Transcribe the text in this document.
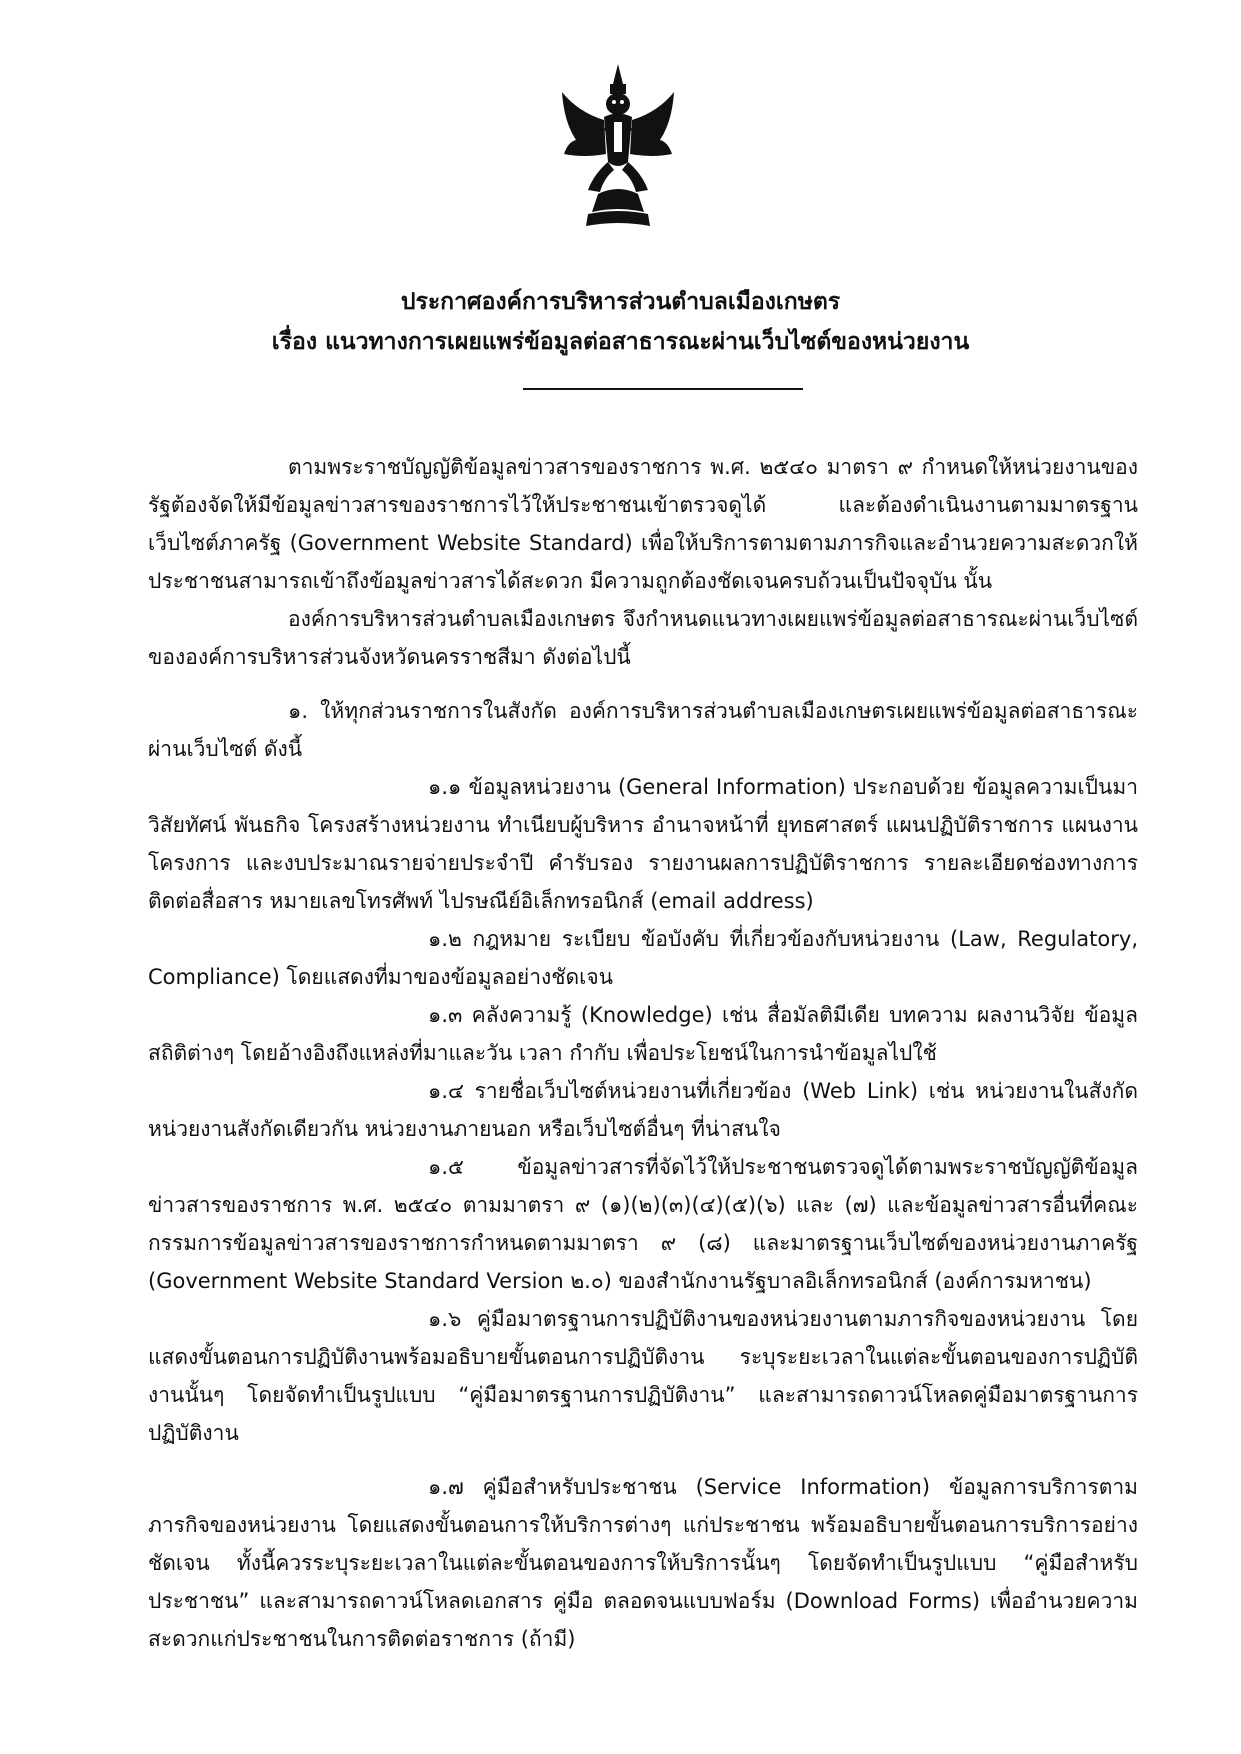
ประกาศองค์การบริหารส่วนตำบลเมืองเกษตร
เรื่อง แนวทางการเผยแพร่ข้อมูลต่อสาธารณะผ่านเว็บไซต์ของหน่วยงาน

ตามพระราชบัญญัติข้อมูลข่าวสารของราชการ พ.ศ. ๒๕๔๐ มาตรา ๙ กำหนดให้หน่วยงานของรัฐต้องจัดให้มีข้อมูลข่าวสารของราชการไว้ให้ประชาชนเข้าตรวจดูได้ และต้องดำเนินงานตามมาตรฐานเว็บไซต์ภาครัฐ (Government Website Standard) เพื่อให้บริการตามตามภารกิจและอำนวยความสะดวกให้ประชาชนสามารถเข้าถึงข้อมูลข่าวสารได้สะดวก มีความถูกต้องชัดเจนครบถ้วนเป็นปัจจุบัน นั้น

องค์การบริหารส่วนตำบลเมืองเกษตร จึงกำหนดแนวทางเผยแพร่ข้อมูลต่อสาธารณะผ่านเว็บไซต์ขององค์การบริหารส่วนจังหวัดนครราชสีมา ดังต่อไปนี้

๑. ให้ทุกส่วนราชการในสังกัด องค์การบริหารส่วนตำบลเมืองเกษตรเผยแพร่ข้อมูลต่อสาธารณะผ่านเว็บไซต์ ดังนี้

๑.๑ ข้อมูลหน่วยงาน (General Information) ประกอบด้วย ข้อมูลความเป็นมา วิสัยทัศน์ พันธกิจ โครงสร้างหน่วยงาน ทำเนียบผู้บริหาร อำนาจหน้าที่ ยุทธศาสตร์ แผนปฏิบัติราชการ แผนงาน โครงการ และงบประมาณรายจ่ายประจำปี คำรับรอง รายงานผลการปฏิบัติราชการ รายละเอียดช่องทางการติดต่อสื่อสาร หมายเลขโทรศัพท์ ไปรษณีย์อิเล็กทรอนิกส์ (email address)

๑.๒ กฎหมาย ระเบียบ ข้อบังคับ ที่เกี่ยวข้องกับหน่วยงาน (Law, Regulatory, Compliance) โดยแสดงที่มาของข้อมูลอย่างชัดเจน

๑.๓ คลังความรู้ (Knowledge) เช่น สื่อมัลติมีเดีย บทความ ผลงานวิจัย ข้อมูลสถิติต่างๆ โดยอ้างอิงถึงแหล่งที่มาและวัน เวลา กำกับ เพื่อประโยชน์ในการนำข้อมูลไปใช้

๑.๔ รายชื่อเว็บไซต์หน่วยงานที่เกี่ยวข้อง (Web Link) เช่น หน่วยงานในสังกัด หน่วยงานสังกัดเดียวกัน หน่วยงานภายนอก หรือเว็บไซต์อื่นๆ ที่น่าสนใจ

๑.๕ ข้อมูลข่าวสารที่จัดไว้ให้ประชาชนตรวจดูได้ตามพระราชบัญญัติข้อมูลข่าวสารของราชการ พ.ศ. ๒๕๔๐ ตามมาตรา ๙ (๑)(๒)(๓)(๔)(๕)(๖) และ (๗) และข้อมูลข่าวสารอื่นที่คณะกรรมการข้อมูลข่าวสารของราชการกำหนดตามมาตรา ๙ (๘) และมาตรฐานเว็บไซต์ของหน่วยงานภาครัฐ (Government Website Standard Version ๒.๐) ของสำนักงานรัฐบาลอิเล็กทรอนิกส์ (องค์การมหาชน)

๑.๖ คู่มือมาตรฐานการปฏิบัติงานของหน่วยงานตามภารกิจของหน่วยงาน โดยแสดงขั้นตอนการปฏิบัติงานพร้อมอธิบายขั้นตอนการปฏิบัติงาน ระบุระยะเวลาในแต่ละขั้นตอนของการปฏิบัติงานนั้นๆ โดยจัดทำเป็นรูปแบบ “คู่มือมาตรฐานการปฏิบัติงาน” และสามารถดาวน์โหลดคู่มือมาตรฐานการปฏิบัติงาน

๑.๗ คู่มือสำหรับประชาชน (Service Information) ข้อมูลการบริการตามภารกิจของหน่วยงาน โดยแสดงขั้นตอนการให้บริการต่างๆ แก่ประชาชน พร้อมอธิบายขั้นตอนการบริการอย่างชัดเจน ทั้งนี้ควรระบุระยะเวลาในแต่ละขั้นตอนของการให้บริการนั้นๆ โดยจัดทำเป็นรูปแบบ “คู่มือสำหรับประชาชน” และสามารถดาวน์โหลดเอกสาร คู่มือ ตลอดจนแบบฟอร์ม (Download Forms) เพื่ออำนวยความสะดวกแก่ประชาชนในการติดต่อราชการ (ถ้ามี)
